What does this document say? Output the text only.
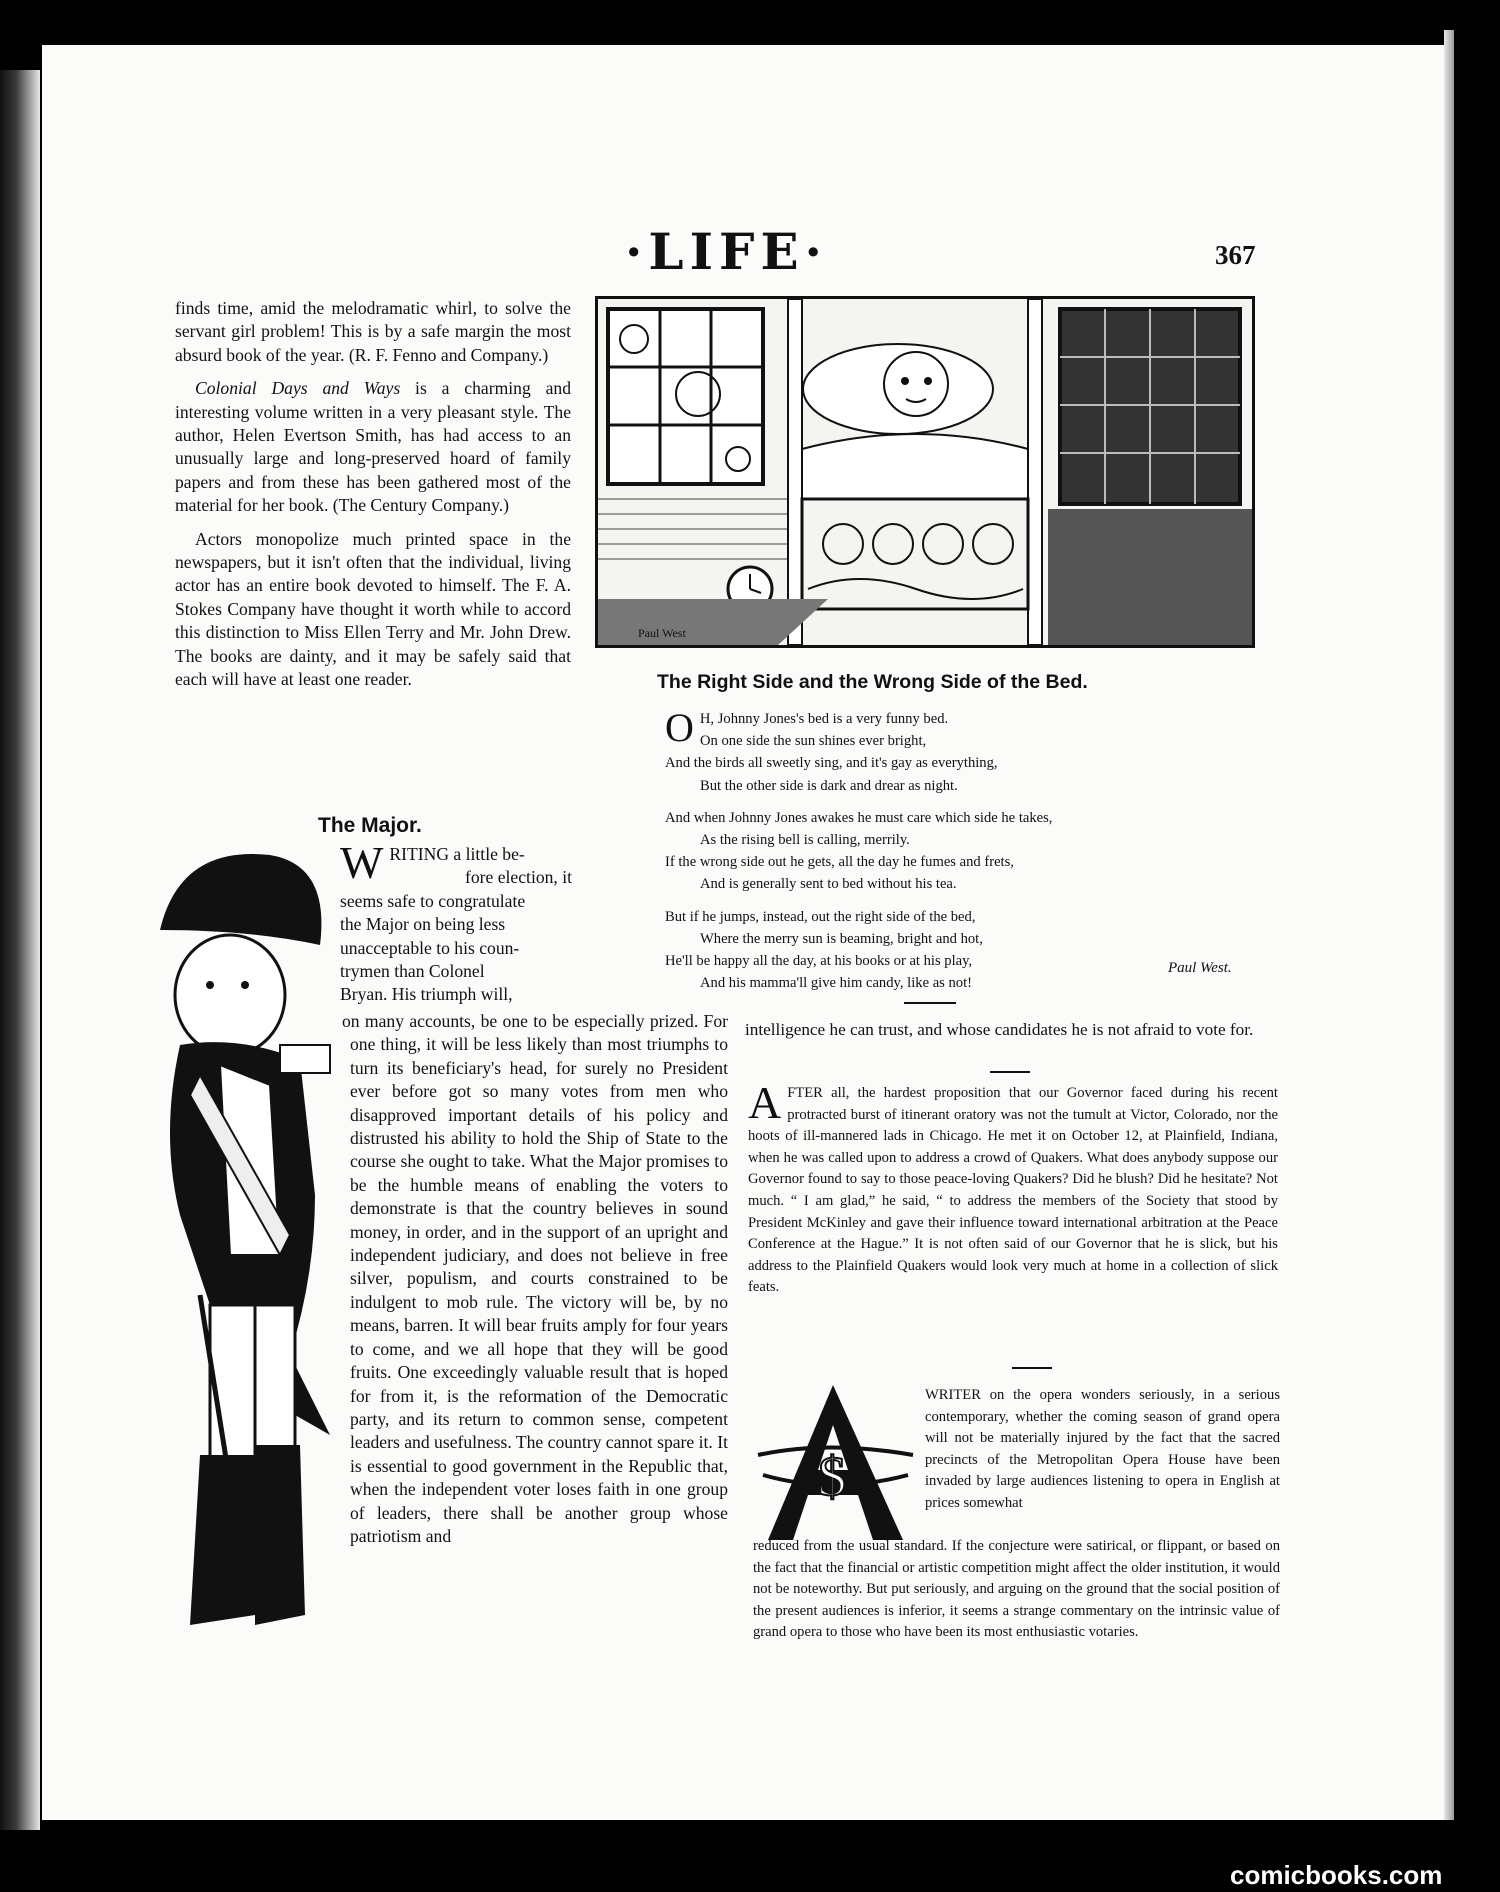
·LIFE·	367

finds time, amid the melodramatic whirl, to solve the servant girl problem! This is by a safe margin the most absurd book of the year. (R. F. Fenno and Company.)

Colonial Days and Ways is a charming and interesting volume written in a very pleasant style. The author, Helen Evertson Smith, has had access to an unusually large and long-preserved hoard of family papers and from these has been gathered most of the material for her book. (The Century Company.)

Actors monopolize much printed space in the newspapers, but it isn't often that the individual, living actor has an entire book devoted to himself. The F. A. Stokes Company have thought it worth while to accord this distinction to Miss Ellen Terry and Mr. John Drew. The books are dainty, and it may be safely said that each will have at least one reader.

Paul West
The Right Side and the Wrong Side of the Bed.
O H, Johnny Jones's bed is a very funny bed.
On one side the sun shines ever bright,
And the birds all sweetly sing, and it's gay as everything,
But the other side is dark and drear as night.
And when Johnny Jones awakes he must care which side he takes,
As the rising bell is calling, merrily.
If the wrong side out he gets, all the day he fumes and frets,
And is generally sent to bed without his tea.
But if he jumps, instead, out the right side of the bed,
Where the merry sun is beaming, bright and hot,
He'll be happy all the day, at his books or at his play,
And his mamma'll give him candy, like as not!
Paul West.
The Major.
W RITING a little be-
fore election, it
seems safe to congratulate
the Major on being less
unacceptable to his coun-
trymen than Colonel
Bryan. His triumph will,
on many accounts, be one to be especially prized. For one thing, it will be less likely than most triumphs to turn its beneficiary's head, for surely no President ever before got so many votes from men who disapproved important details of his policy and distrusted his ability to hold the Ship of State to the course she ought to take. What the Major promises to be the humble means of enabling the voters to demonstrate is that the country believes in sound money, in order, and in the support of an upright and independent judiciary, and does not believe in free silver, populism, and courts constrained to be indulgent to mob rule. The victory will be, by no means, barren. It will bear fruits amply for four years to come, and we all hope that they will be good fruits. One exceedingly valuable result that is hoped for from it, is the reformation of the Democratic party, and its return to common sense, competent leaders and usefulness. The country cannot spare it. It is essential to good government in the Republic that, when the independent voter loses faith in one group of leaders, there shall be another group whose patriotism and
intelligence he can trust, and whose candidates he is not afraid to vote for.
A FTER all, the hardest proposition that our Governor faced during his recent protracted burst of itinerant oratory was not the tumult at Victor, Colorado, nor the hoots of ill-mannered lads in Chicago. He met it on October 12, at Plainfield, Indiana, when he was called upon to address a crowd of Quakers. What does anybody suppose our Governor found to say to those peace-loving Quakers? Did he blush? Did he hesitate? Not much. “ I am glad,” he said, “ to address the members of the Society that stood by President McKinley and gave their influence toward international arbitration at the Peace Conference at the Hague.” It is not often said of our Governor that he is slick, but his address to the Plainfield Quakers would look very much at home in a collection of slick feats.
$
WRITER on the opera wonders seriously, in a serious contemporary, whether the coming season of grand opera will not be materially injured by the fact that the sacred precincts of the Metropolitan Opera House have been invaded by large audiences listening to opera in English at prices somewhat
reduced from the usual standard. If the conjecture were satirical, or flippant, or based on the fact that the financial or artistic competition might affect the older institution, it would not be noteworthy. But put seriously, and arguing on the ground that the social position of the present audiences is inferior, it seems a strange commentary on the intrinsic value of grand opera to those who have been its most enthusiastic votaries.
comicbooks.com
